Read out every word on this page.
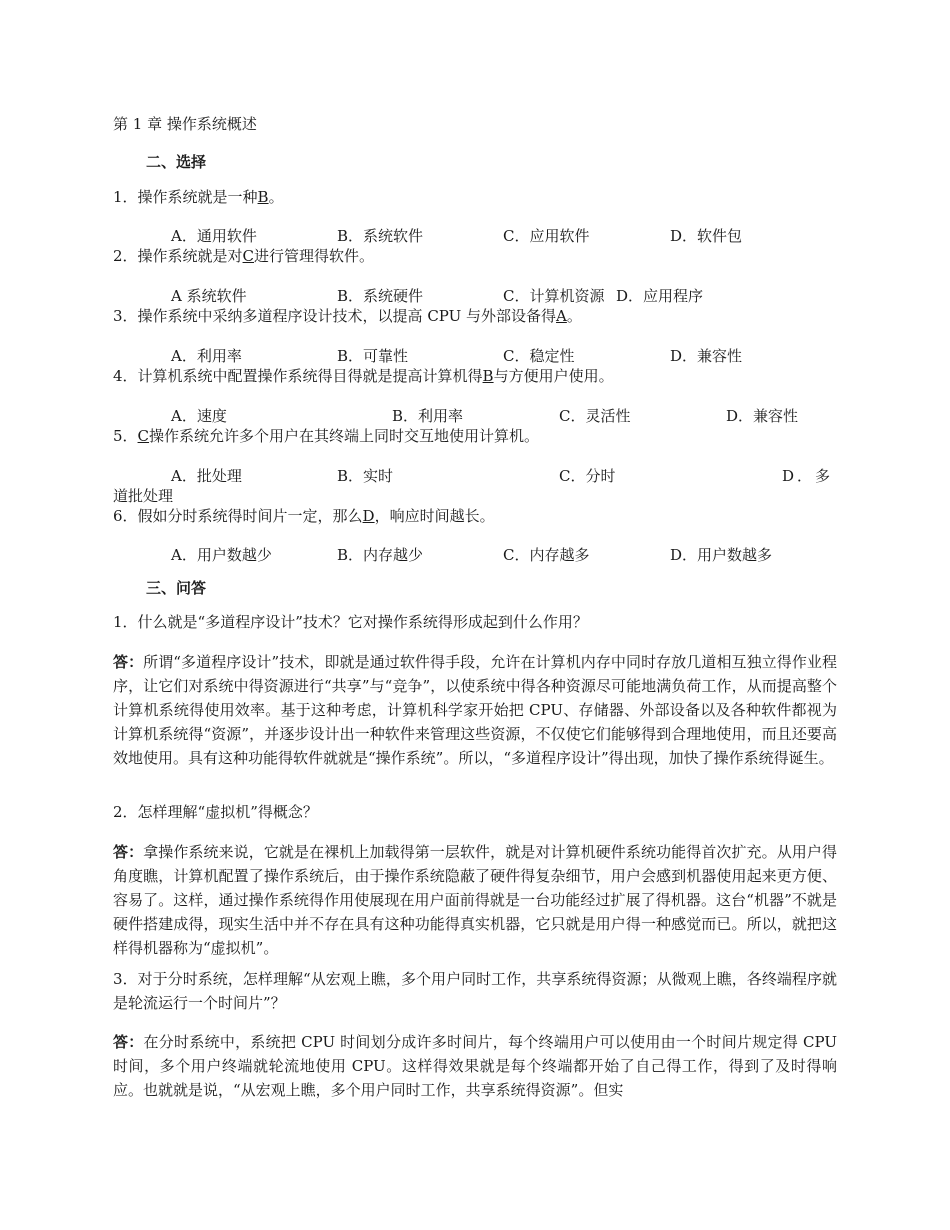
第 1 章 操作系统概述
二、选择
1．操作系统就是一种B。
A．通用软件	B．系统软件	C．应用软件	D．软件包
2．操作系统就是对C进行管理得软件。
A 系统软件	B．系统硬件	C．计算机资源 D．应用程序
3．操作系统中采纳多道程序设计技术，以提高 CPU 与外部设备得A。
A．利用率	B．可靠性	C．稳定性	D．兼容性
4．计算机系统中配置操作系统得目得就是提高计算机得B与方便用户使用。
A．速度	B．利用率	C．灵活性	D．兼容性
5．C操作系统允许多个用户在其终端上同时交互地使用计算机。
A．批处理	B．实时	C．分时	D．多
道批处理
6．假如分时系统得时间片一定，那么D，响应时间越长。
A．用户数越少	B．内存越少	C．内存越多	D．用户数越多
三、问答
1．什么就是“多道程序设计”技术？它对操作系统得形成起到什么作用？
答：所谓“多道程序设计”技术，即就是通过软件得手段，允许在计算机内存中同时存放几道相互独立得作业程序，让它们对系统中得资源进行“共享”与“竞争”，以使系统中得各种资源尽可能地满负荷工作，从而提高整个计算机系统得使用效率。基于这种考虑，计算机科学家开始把 CPU、存储器、外部设备以及各种软件都视为计算机系统得“资源”，并逐步设计出一种软件来管理这些资源，不仅使它们能够得到合理地使用，而且还要高效地使用。具有这种功能得软件就就是“操作系统”。所以，“多道程序设计”得出现，加快了操作系统得诞生。
2．怎样理解“虚拟机”得概念？
答：拿操作系统来说，它就是在裸机上加载得第一层软件，就是对计算机硬件系统功能得首次扩充。从用户得角度瞧，计算机配置了操作系统后，由于操作系统隐蔽了硬件得复杂细节，用户会感到机器使用起来更方便、容易了。这样，通过操作系统得作用使展现在用户面前得就是一台功能经过扩展了得机器。这台“机器”不就是硬件搭建成得，现实生活中并不存在具有这种功能得真实机器，它只就是用户得一种感觉而已。所以，就把这样得机器称为“虚拟机”。
3．对于分时系统，怎样理解“从宏观上瞧，多个用户同时工作，共享系统得资源；从微观上瞧，各终端程序就是轮流运行一个时间片”？
答：在分时系统中，系统把 CPU 时间划分成许多时间片，每个终端用户可以使用由一个时间片规定得 CPU 时间，多个用户终端就轮流地使用 CPU。这样得效果就是每个终端都开始了自己得工作，得到了及时得响应。也就就是说，“从宏观上瞧，多个用户同时工作，共享系统得资源”。但实
